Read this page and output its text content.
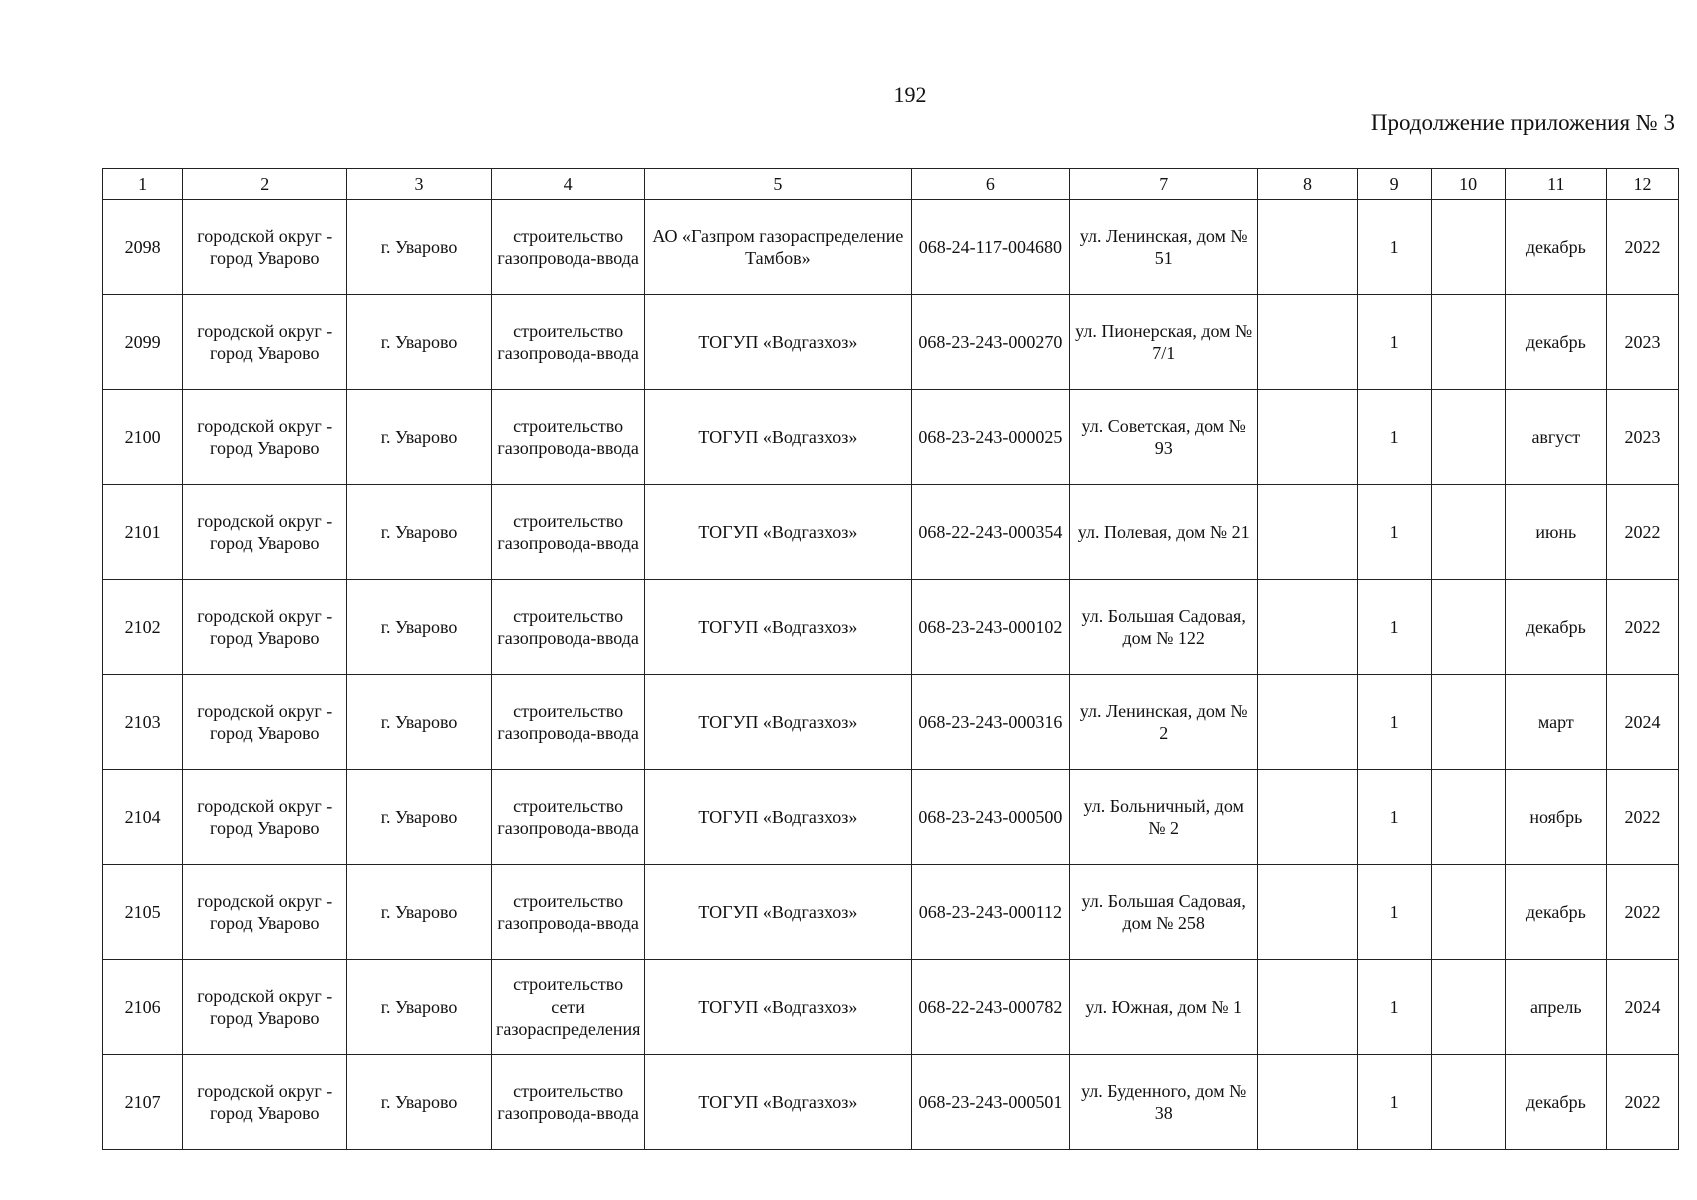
192
Продолжение приложения № 3
1	2	3	4	5	6	7	8	9	10	11	12
2098	городской округ - город Уварово	г. Уварово	строительство газопровода-ввода	АО «Газпром газораспределение Тамбов»	068-24-117-004680	ул. Ленинская, дом № 51		1		декабрь	2022
2099	городской округ - город Уварово	г. Уварово	строительство газопровода-ввода	ТОГУП «Водгазхоз»	068-23-243-000270	ул. Пионерская, дом № 7/1		1		декабрь	2023
2100	городской округ - город Уварово	г. Уварово	строительство газопровода-ввода	ТОГУП «Водгазхоз»	068-23-243-000025	ул. Советская, дом № 93		1		август	2023
2101	городской округ - город Уварово	г. Уварово	строительство газопровода-ввода	ТОГУП «Водгазхоз»	068-22-243-000354	ул. Полевая, дом № 21		1		июнь	2022
2102	городской округ - город Уварово	г. Уварово	строительство газопровода-ввода	ТОГУП «Водгазхоз»	068-23-243-000102	ул. Большая Садовая, дом № 122		1		декабрь	2022
2103	городской округ - город Уварово	г. Уварово	строительство газопровода-ввода	ТОГУП «Водгазхоз»	068-23-243-000316	ул. Ленинская, дом № 2		1		март	2024
2104	городской округ - город Уварово	г. Уварово	строительство газопровода-ввода	ТОГУП «Водгазхоз»	068-23-243-000500	ул. Больничный, дом № 2		1		ноябрь	2022
2105	городской округ - город Уварово	г. Уварово	строительство газопровода-ввода	ТОГУП «Водгазхоз»	068-23-243-000112	ул. Большая Садовая, дом № 258		1		декабрь	2022
2106	городской округ - город Уварово	г. Уварово	строительство сети газораспределения	ТОГУП «Водгазхоз»	068-22-243-000782	ул. Южная, дом № 1		1		апрель	2024
2107	городской округ - город Уварово	г. Уварово	строительство газопровода-ввода	ТОГУП «Водгазхоз»	068-23-243-000501	ул. Буденного, дом № 38		1		декабрь	2022
